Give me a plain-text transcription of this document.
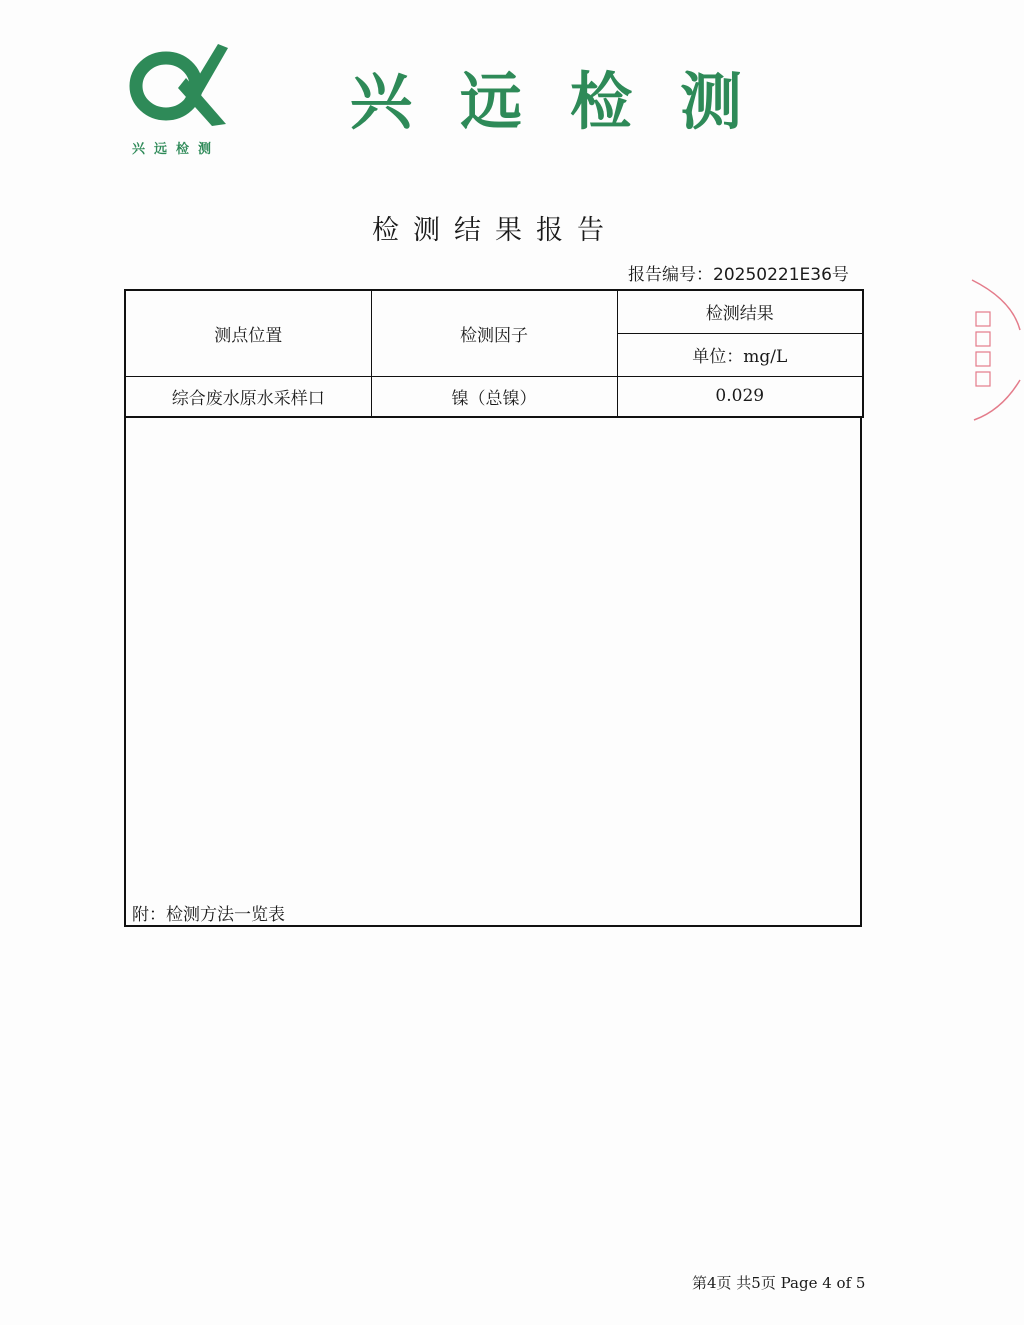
兴远检测
兴远检测
检测结果报告
报告编号：20250221E36号
测点位置	检测因子	检测结果
		单位：mg/L
综合废水原水采样口	镍（总镍）	0.029
附：检测方法一览表
第4页 共5页 Page 4 of 5
